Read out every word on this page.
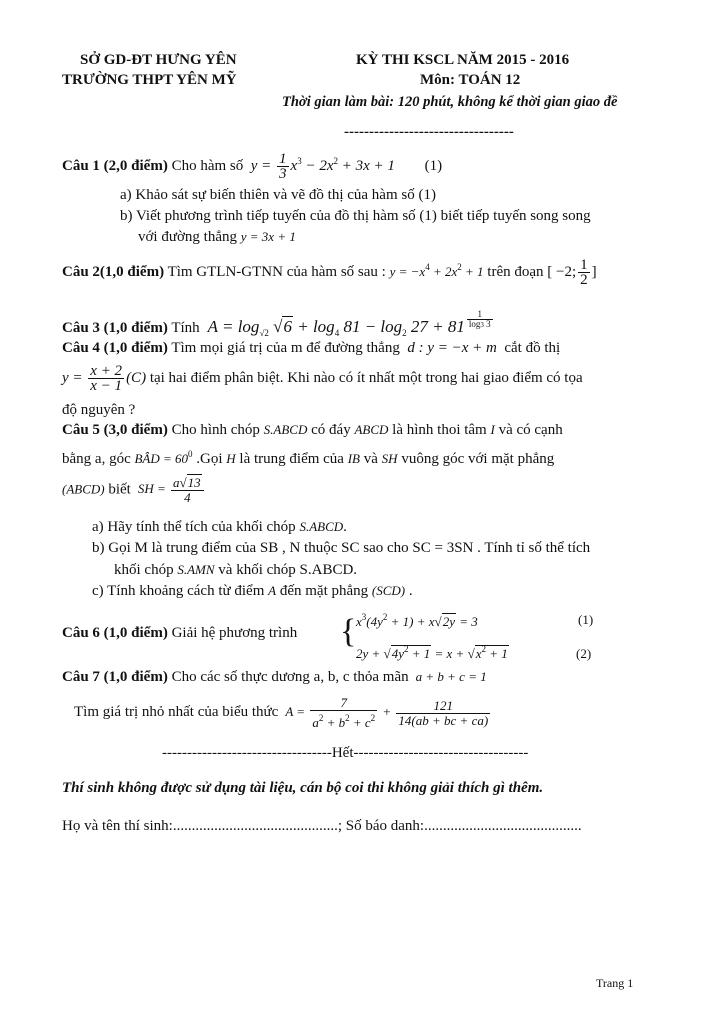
SỞ GD-ĐT HƯNG YÊN
TRƯỜNG THPT YÊN MỸ
KỲ THI KSCL NĂM 2015 - 2016
Môn: TOÁN 12
Thời gian làm bài: 120 phút, không kể thời gian giao đề
----------------------------------
Câu 1 (2,0 điểm) Cho hàm số  $y = \frac{1}{3} x^3 - 2x^2 + 3x + 1$ (1)
a) Khảo sát sự biến thiên và vẽ đồ thị của hàm số (1)
b) Viết phương trình tiếp tuyến của đồ thị hàm số (1) biết tiếp tuyến song song
với đường thẳng y = 3x + 1
Câu 2(1,0 điểm) Tìm GTLN-GTNN của hàm số sau : $y = -x^4 + 2x^2 + 1$ trên đoạn [ −2; $\frac{1}{2}$ ]
Câu 3 (1,0 điểm) Tính  $A = \log_{√2} √6 + \log_4 81 - \log_2 27 + 81$ $^{\frac{1}{\log 3 3}}$
Câu 4 (1,0 điểm) Tìm mọi giá trị của m để đường thẳng  d : y = −x + m  cắt đồ thị
$y = \frac{x + 2}{x - 1} (C)$ tại hai điểm phân biệt. Khi nào có ít nhất một trong hai giao điểm có tọa
độ nguyên ?
Câu 5 (3,0 điểm) Cho hình chóp S.ABCD có đáy ABCD là hình thoi tâm I và có cạnh
bằng a, góc BÂD = $60^0$ .Gọi H là trung điểm của IB và SH vuông góc với mặt phẳng
(ABCD) biết  SH = $\frac{a√13}{4}$
a) Hãy tính thể tích của khối chóp S.ABCD.
b) Gọi M là trung điểm của SB , N thuộc SC sao cho SC = 3SN . Tính tỉ số thể tích
khối chóp S.AMN và khối chóp S.ABCD.
c) Tính khoảng cách từ điểm A đến mặt phẳng (SCD) .
Câu 6 (1,0 điểm) Giải hệ phương trình { $x^3(4y^2 + 1) + x√2y = 3$
$2y + √4y^2 + 1 = x + √x^2 + 1$
(1)
(2)
Câu 7 (1,0 điểm) Cho các số thực dương a, b, c thỏa mãn  a + b + c = 1
Tìm giá trị nhỏ nhất của biểu thức  $A = \frac{7}{a^2 + b^2 + c^2} + \frac{121}{14(ab + bc + ca)}$
----------------------------------Hết-----------------------------------
Thí sinh không được sử dụng tài liệu, cán bộ coi thi không giải thích gì thêm.
Họ và tên thí sinh:............................................; Số báo danh:..........................................
Trang 1
